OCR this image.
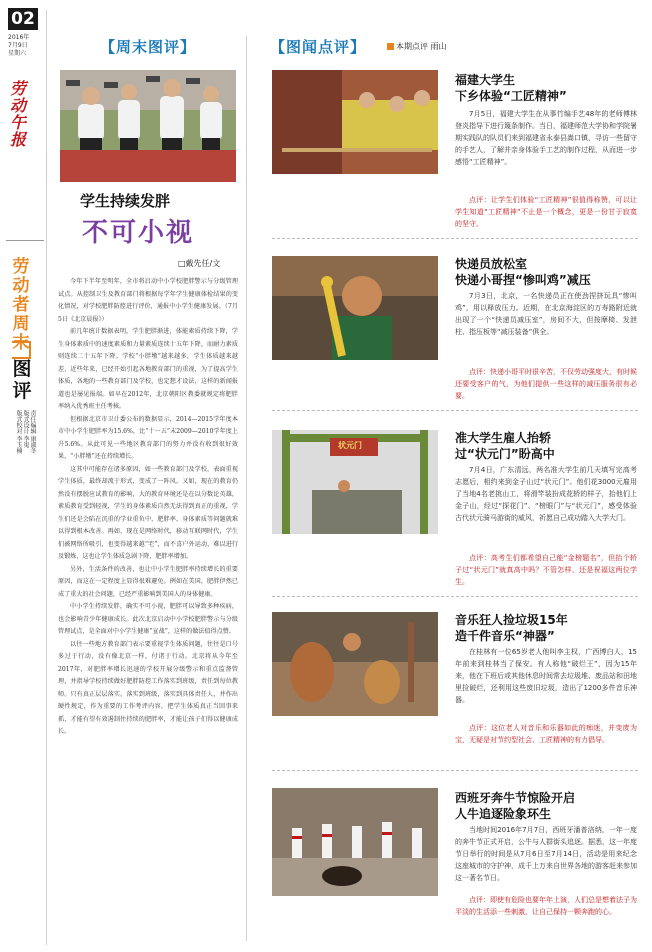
02
2016年
7月9日
星期六
劳动午报
劳动者周末
图评
责任编辑 康淑冬
版式设计 李嵬
版式校对 李玉楠
【周末图评】
学生持续发胖
不可小视
□戴先任/文

今年下半年至明年，全市将启动中小学校肥胖警示与分级管理试点。从控制卫生及教育部门将根据每学年学生健康体检结果的变化情况，对学校肥胖防控进行评价，通报中小学生健康发展。（7月5日《北京晨报》）

前几年统计数据表明，学生肥胖渐进，体能素质持续下降，学生身体素质中的速度素质和力量素质连续十五年下降，而耐力素质则连续二十五年下降。学校“小胖墩”越来越多，学生体质越来越差，近些年来，已经开始引起各地教育部门的重视，为了提高学生体质，各地的一些教育部门及学校，也定想才设法，这样的新闻报道也是屡见报端。如早在2012年，北京朝阳区教委就规定将肥胖率纳入优秀班主任考核。

但根据北京市卫计委公布的数据显示，2014—2015学年度本市中小学生肥胖率为15.6%，比“十一五”末2009—2010学年度上升5.6%。从此可见一些地区教育部门的努力并没有收到很好效果，“小胖墩”还在持续增长。

这其中可能存在诸多原因，如一些教育部门及学校，表面重视学生体质，最终却流于形式，变成了一阵风。又如，现在的教育仍然没有摆脱应试教育的影响，大的教育环境还是在以分数论英雄，素质教育受到轻视，学生的身体素质自然无法得到真正的重视，学生们还是会陷在沉重的学业重负中，肥胖率、身体素质等问题就难以得到根本改善。再如，现在是网络时代，移动互联网时代，学生们被网络所吸引，也变得越来越“宅”，而不喜户外运动，难以进行及锻炼，这也让学生体质急剧下降，肥胖率增加。

另外，生活条件的改善，也让中小学生肥胖率持续增长的重要原因，而这在一定程度上显得很难避免。例如在美国，肥胖伊然已成了重大的社会问题，已经严重影响到美国人的身体健康。

中小学生持续发胖，确实不可小视，肥胖可以导致多种疾病，也会影响青少年健康成长。此次北京启动中小学校肥胖警示与分级管理试点，是全面对中小学生健康“宣战”，这样的做法值得点赞。

以往一些地方教育部门表示要重视学生体质问题，往往是口号多过于行动，没有像北京一样，付诸于行动。北京将从今年至2017年，对肥胖率增长迅速的学校开展分级警示和重点监督管理，并指导学校持续做好肥胖防控工作落实到班级，责任到每位教师。只有真正层层落实，落实到班级，落实到具体责任人，并作出硬性规定，作为重要的工作考评内容，把学生体质真正当回事来抓，才能有望有效遏制住持续的肥胖率，才能让孩子们得以健康成长。

【图闻点评】	本期点评 雨山
福建大学生
下乡体验“工匠精神”

7月5日，福建大学生在从事竹编手艺48年的老师傅林登炎指导下进行篾条制作。当日，福建师范大学协和学院暑期实践队的队员们来到福建省永泰县嵩口镇，寻访一些留守的手艺人，了解并亲身体验手工艺的制作过程，从而进一步感悟“工匠精神”。

点评：让学生们体验“工匠精神”很值得称赞，可以让学生知道“工匠精神”不止是一个概念，更是一份甘于寂寞的坚守。

快递员放松室
快递小哥捏“惨叫鸡”减压

7月3日，北京，一名快递员正在使劲捏挤玩具“惨叫鸡”，用以释放压力。近期，在北京海淀区的万寿路附近就出现了一个“快递员减压室”，房间不大，但按摩椅、发泄柱、指压板等“减压装备”俱全。

点评：快递小哥平时很辛苦，不仅劳动强度大，有时候还要受客户的气，为他们提供一些这样的减压服务很有必要。

状元门
准大学生雇人抬轿
过“状元门”盼高中

7月4日，广东清远，两名准大学生前几天填写完高考志愿后，相约来到金子山过“状元门”。他们花3000元雇用了当地4名老挑山工，将滑竿装扮成花轿的样子，抬他们上金子山，经过“探花门”、“榜眼门”与“状元门”，感受体验古代状元骑马游街的威风，祈愿自己成功踏入大学大门。

点评：高考生们都希望自己能“金榜题名”，但抬个轿子过“状元门”就真高中吗？不管怎样，还是祝福这两位学生。

音乐狂人捡垃圾15年
造千件音乐“神器”

在桂林有一位65岁老人他叫李主权，广西博白人，15年前来到桂林当了保安。有人称他“破烂王”，因为15年来，他在下班后或其他休息时间常去垃圾堆、废品站和田地里捡破烂，还利用这些废旧垃圾，造出了1200多件音乐神器。

点评：这位老人对音乐和乐器如此的痴迷，并变废为宝，无疑是对节约型社会、工匠精神的有力倡导。

西班牙奔牛节惊险开启
人牛追逐险象环生

当地时间2016年7月7日，西班牙潘普洛纳，一年一度的奔牛节正式开启，公牛与人群街头追逐。据悉，这一年度节日举行的时间是从7月6日至7月14日，活动是用来纪念这座城市的守护神，成千上万来自世界各地的游客赶来参加这一著名节日。

点评：即使有危险也要年年上演，人们总是想着法子为平淡的生活添一些刺激，让自己保持一颗奔跑的心。
